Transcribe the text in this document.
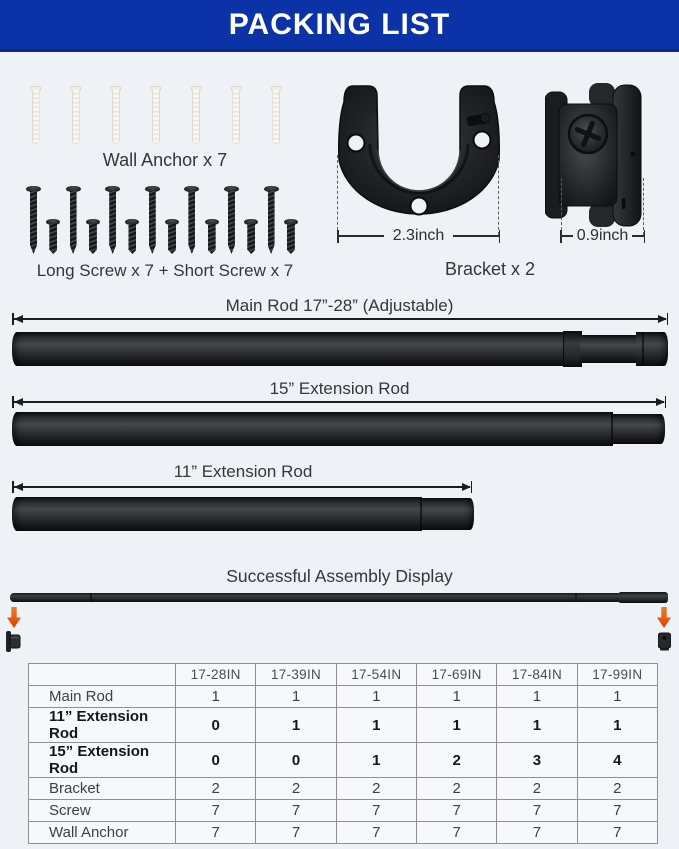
PACKING LIST
Wall Anchor x 7
Long Screw x 7 + Short Screw x 7
2.3inch	0.9inch
Bracket x 2
Main Rod 17”-28” (Adjustable)
15” Extension Rod
11” Extension Rod
Successful Assembly Display
	17-28IN	17-39IN	17-54IN	17-69IN	17-84IN	17-99IN
Main Rod	1	1	1	1	1	1
11” Extension Rod	0	1	1	1	1	1
15” Extension Rod	0	0	1	2	3	4
Bracket	2	2	2	2	2	2
Screw	7	7	7	7	7	7
Wall Anchor	7	7	7	7	7	7
